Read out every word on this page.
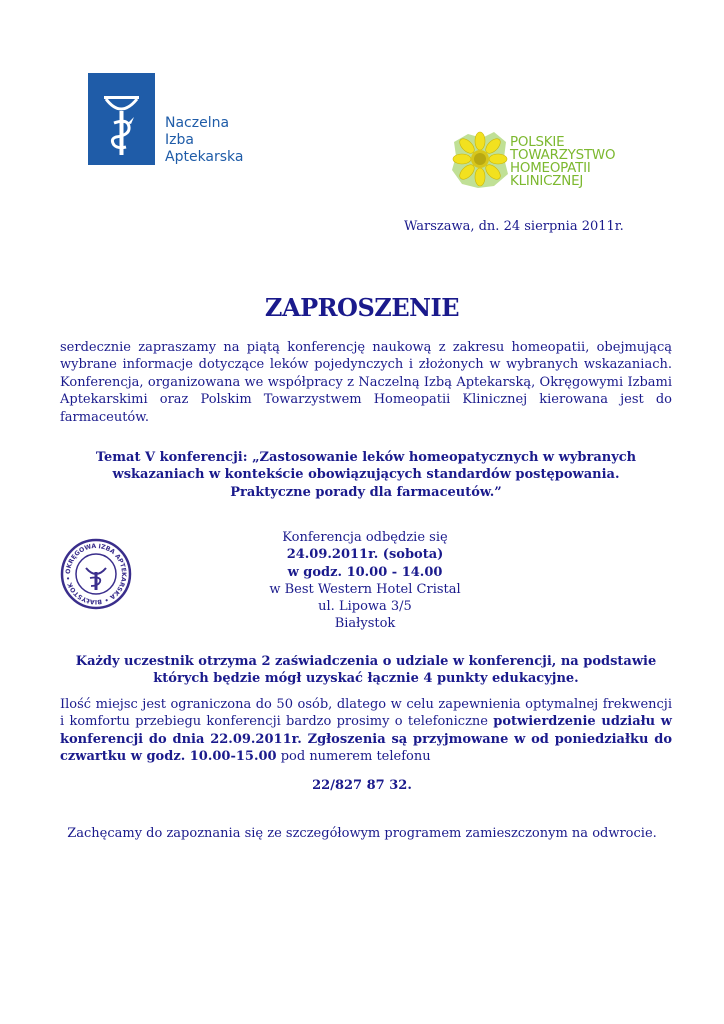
Naczelna
Izba
Aptekarska
POLSKIE
TOWARZYSTWO
HOMEOPATII
KLINICZNEJ
Warszawa, dn. 24 sierpnia 2011r.
ZAPROSZENIE
serdecznie zapraszamy na piątą konferencję naukową z zakresu homeopatii, obejmującą wybrane informacje dotyczące leków pojedynczych i złożonych w wybranych wskazaniach. Konferencja, organizowana we współpracy z Naczelną Izbą Aptekarską, Okręgowymi Izbami Aptekarskimi oraz Polskim Towarzystwem Homeopatii Klinicznej kierowana jest do farmaceutów.
Temat V konferencji: „Zastosowanie leków homeopatycznych w wybranych
wskazaniach w kontekście obowiązujących standardów postępowania.
Praktyczne porady dla farmaceutów.”
OKRĘGOWA IZBA APTEKARSKA • BIAŁYSTOK •
Konferencja odbędzie się
24.09.2011r. (sobota)
w godz. 10.00 - 14.00
w Best Western Hotel Cristal
ul. Lipowa 3/5
Białystok
Każdy uczestnik otrzyma 2 zaświadczenia o udziale w konferencji, na podstawie
których będzie mógł uzyskać łącznie 4 punkty edukacyjne.
Ilość miejsc jest ograniczona do 50 osób, dlatego w celu zapewnienia optymalnej frekwencji i komfortu przebiegu konferencji bardzo prosimy o telefoniczne potwierdzenie udziału w konferencji do dnia 22.09.2011r. Zgłoszenia są przyjmowane w od poniedziałku do czwartku w godz. 10.00-15.00 pod numerem telefonu
22/827 87 32.
Zachęcamy do zapoznania się ze szczegółowym programem zamieszczonym na odwrocie.
